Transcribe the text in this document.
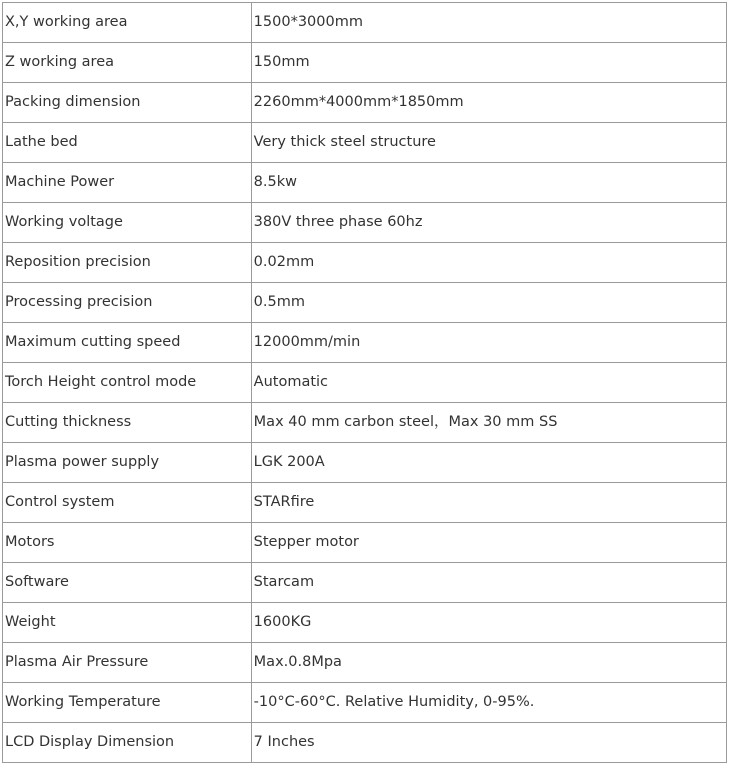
X,Y working area	1500*3000mm
Z working area	150mm
Packing dimension	2260mm*4000mm*1850mm
Lathe bed	Very thick steel structure
Machine Power	8.5kw
Working voltage	380V three phase 60hz
Reposition precision	0.02mm
Processing precision	0.5mm
Maximum cutting speed	12000mm/min
Torch Height control mode	Automatic
Cutting thickness	Max 40 mm carbon steel，Max 30 mm SS
Plasma power supply	LGK 200A
Control system	STARfire
Motors	Stepper motor
Software	Starcam
Weight	1600KG
Plasma Air Pressure	Max.0.8Mpa
Working Temperature	-10°C-60°C. Relative Humidity, 0-95%.
LCD Display Dimension	7 Inches
